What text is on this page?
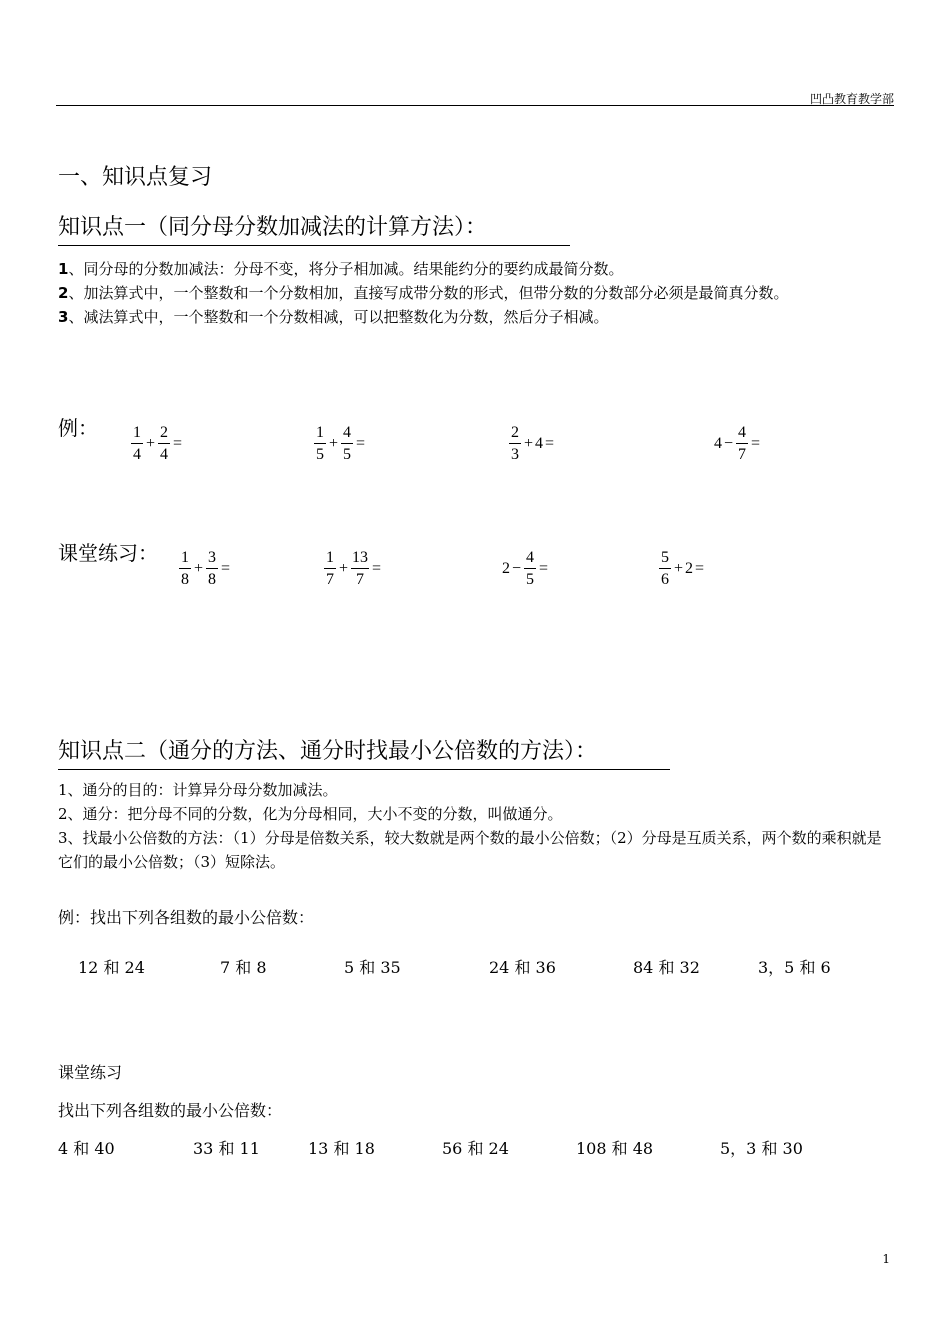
凹凸教育教学部
一、知识点复习
知识点一（同分母分数加减法的计算方法）：
1、同分母的分数加减法：分母不变，将分子相加减。结果能约分的要约成最简分数。
2、加法算式中，一个整数和一个分数相加，直接写成带分数的形式，但带分数的分数部分必须是最简真分数。
3、减法算式中，一个整数和一个分数相减，可以把整数化为分数，然后分子相减。
例： $\frac{1}{4} + \frac{2}{4}$ =	$\frac{1}{5} + \frac{4}{5}$ =	$\frac{2}{3} + 4$ =	$4 - \frac{4}{7}$ =
课堂练习： $\frac{1}{8} + \frac{3}{8}$ =	$\frac{1}{7} + \frac{13}{7}$ =	$2 - \frac{4}{5}$ =	$\frac{5}{6} + 2$ =
知识点二（通分的方法、通分时找最小公倍数的方法）：
1、通分的目的：计算异分母分数加减法。
2、通分：把分母不同的分数，化为分母相同，大小不变的分数，叫做通分。
3、找最小公倍数的方法：（1）分母是倍数关系，较大数就是两个数的最小公倍数；（2）分母是互质关系，两个数的乘积就是它们的最小公倍数；（3）短除法。
例：找出下列各组数的最小公倍数：
12 和 24	7 和 8	5 和 35	24 和 36	84 和 32	3，5 和 6
课堂练习
找出下列各组数的最小公倍数：
4 和 40	33 和 11	13 和 18	56 和 24	108 和 48	5，3 和 30
1
